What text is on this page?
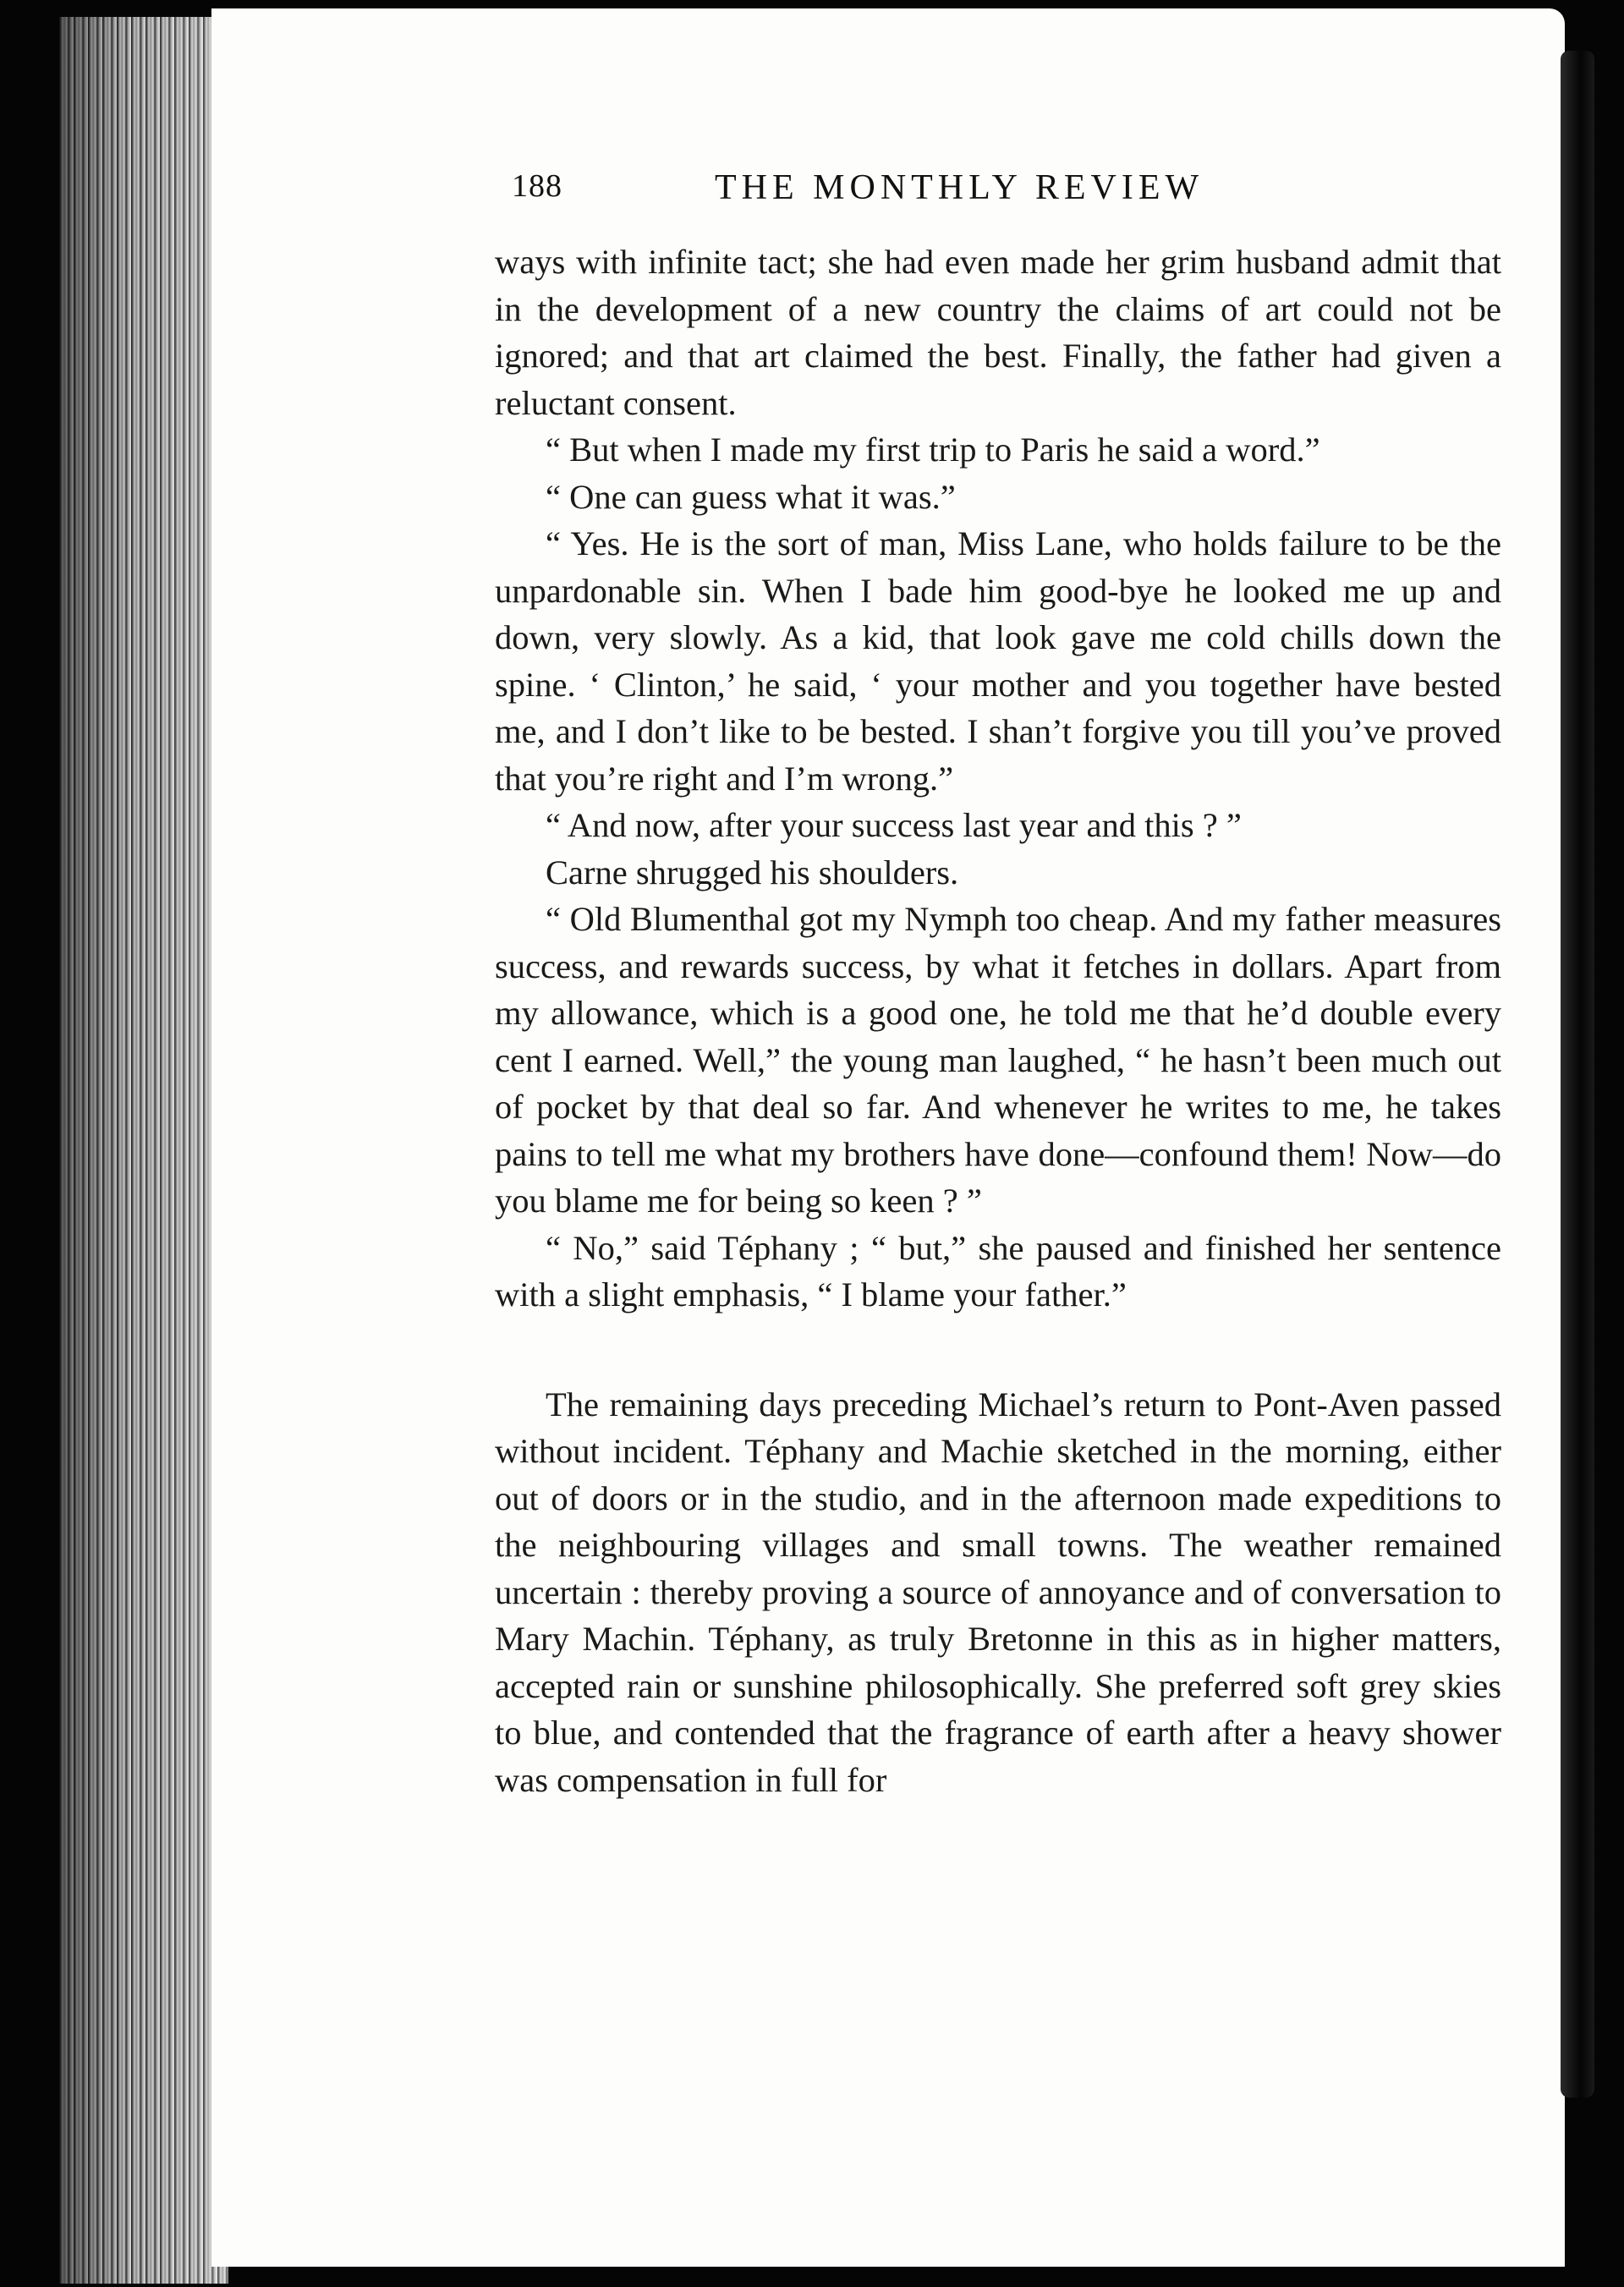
188	THE MONTHLY REVIEW

ways with infinite tact; she had even made her grim husband admit that in the development of a new country the claims of art could not be ignored; and that art claimed the best. Finally, the father had given a reluctant consent.

“ But when I made my first trip to Paris he said a word.”

“ One can guess what it was.”

“ Yes. He is the sort of man, Miss Lane, who holds failure to be the unpardonable sin. When I bade him good-bye he looked me up and down, very slowly. As a kid, that look gave me cold chills down the spine. ‘ Clinton,’ he said, ‘ your mother and you together have bested me, and I don’t like to be bested. I shan’t forgive you till you’ve proved that you’re right and I’m wrong.”

“ And now, after your success last year and this ? ”

Carne shrugged his shoulders.

“ Old Blumenthal got my Nymph too cheap. And my father measures success, and rewards success, by what it fetches in dollars. Apart from my allowance, which is a good one, he told me that he’d double every cent I earned. Well,” the young man laughed, “ he hasn’t been much out of pocket by that deal so far. And whenever he writes to me, he takes pains to tell me what my brothers have done—confound them! Now—do you blame me for being so keen ? ”

“ No,” said Téphany ; “ but,” she paused and finished her sentence with a slight emphasis, “ I blame your father.”

The remaining days preceding Michael’s return to Pont-Aven passed without incident. Téphany and Machie sketched in the morning, either out of doors or in the studio, and in the afternoon made expeditions to the neighbouring villages and small towns. The weather remained uncertain : thereby proving a source of annoyance and of conversation to Mary Machin. Téphany, as truly Bretonne in this as in higher matters, accepted rain or sunshine philosophically. She preferred soft grey skies to blue, and contended that the fragrance of earth after a heavy shower was compensation in full for
